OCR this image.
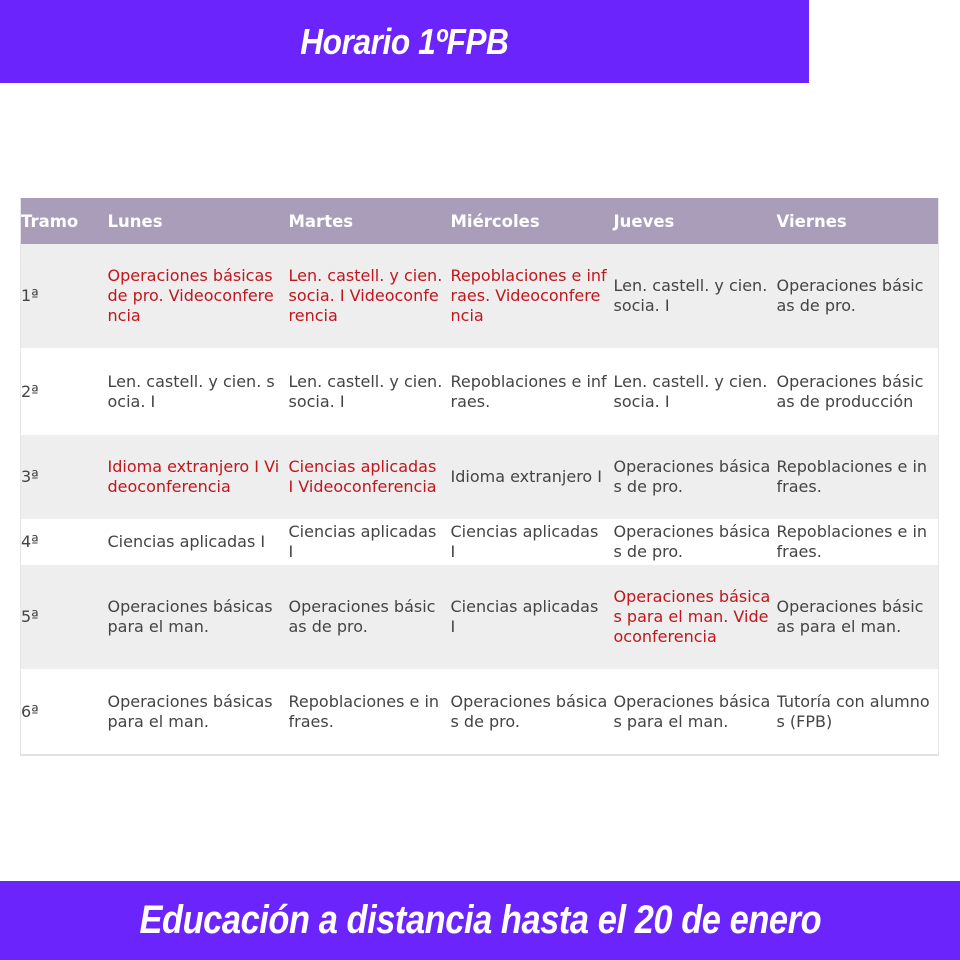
Horario 1ºFPB
Tramo	Lunes	Martes	Miércoles	Jueves	Viernes
1ª	Operaciones básicas de pro. Videoconferencia	Len. castell. y cien. socia. I Videoconferencia	Repoblaciones e infraes. Videoconferencia	Len. castell. y cien. socia. I	Operaciones básicas de pro.

2ª	Len. castell. y cien. socia. I	Len. castell. y cien. socia. I	Repoblaciones e infraes.	Len. castell. y cien. socia. I	Operaciones básicas de producción

3ª	Idioma extranjero I Videoconferencia	Ciencias aplicadas I Videoconferencia	Idioma extranjero I	Operaciones básicas de pro.	Repoblaciones e infraes.

4ª	Ciencias aplicadas I	Ciencias aplicadas I	Ciencias aplicadas I	Operaciones básicas de pro.	Repoblaciones e infraes.

5ª	Operaciones básicas para el man.	Operaciones básicas de pro.	Ciencias aplicadas I	Operaciones básicas para el man. Videoconferencia	Operaciones básicas para el man.

6ª	Operaciones básicas para el man.	Repoblaciones e infraes.	Operaciones básicas de pro.	Operaciones básicas para el man.	Tutoría con alumnos (FPB)
Educación a distancia hasta el 20 de enero
